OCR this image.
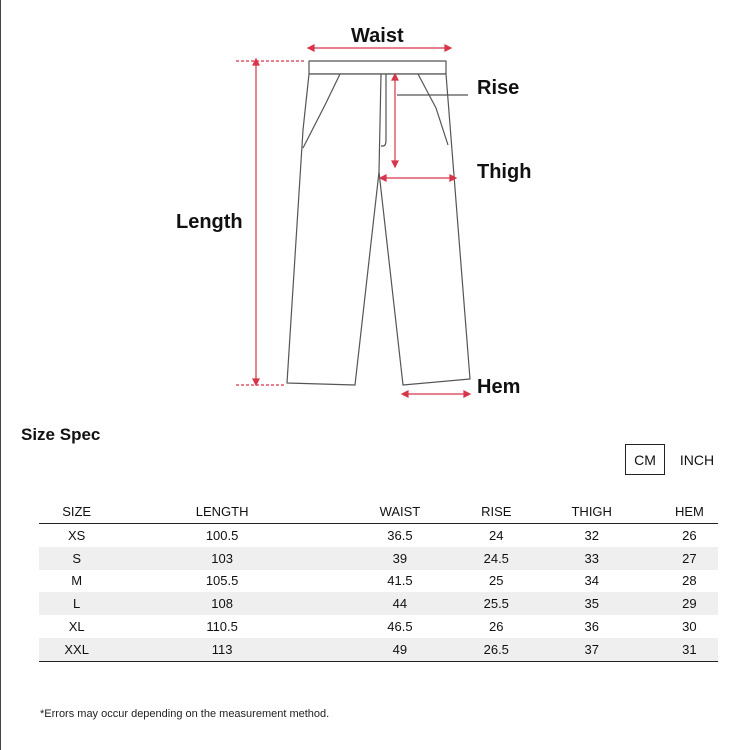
Waist
Rise
Thigh
Length
Hem
Size Spec
CM	INCH
SIZE	LENGTH	WAIST	RISE	THIGH	HEM
XS	100.5	36.5	24	32	26
S	103	39	24.5	33	27
M	105.5	41.5	25	34	28
L	108	44	25.5	35	29
XL	110.5	46.5	26	36	30
XXL	113	49	26.5	37	31
*Errors may occur depending on the measurement method.
